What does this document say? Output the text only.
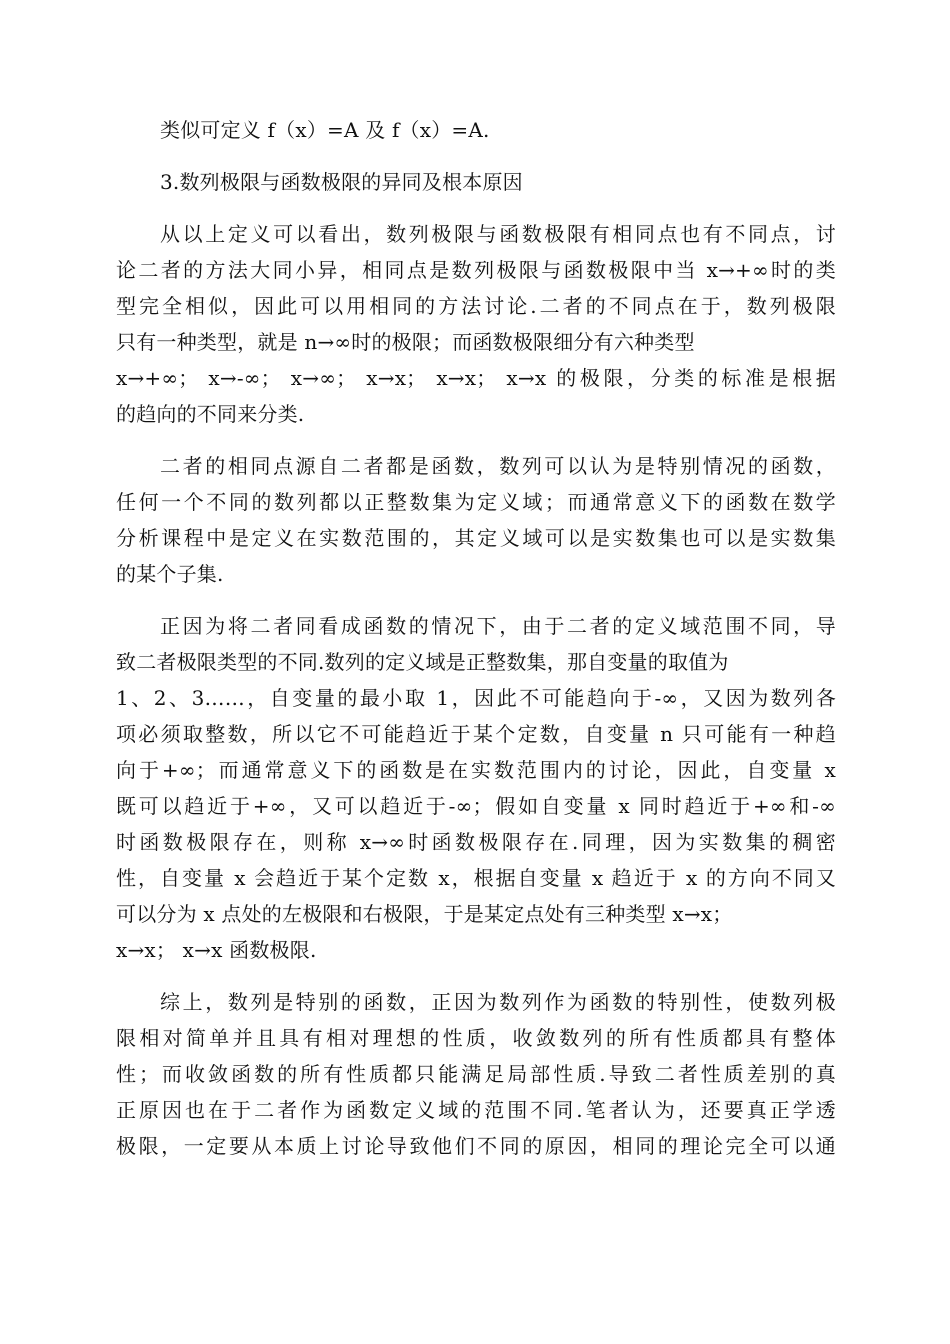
类似可定义 f（x）=A 及 f（x）=A.
3.数列极限与函数极限的异同及根本原因
从以上定义可以看出，数列极限与函数极限有相同点也有不同点，讨
论二者的方法大同小异，相同点是数列极限与函数极限中当 x→+∞时的类
型完全相似，因此可以用相同的方法讨论.二者的不同点在于，数列极限
只有一种类型，就是 n→∞时的极限；而函数极限细分有六种类型
x→+∞； x→-∞； x→∞； x→x； x→x； x→x 的极限，分类的标准是根据
的趋向的不同来分类.
二者的相同点源自二者都是函数，数列可以认为是特别情况的函数，
任何一个不同的数列都以正整数集为定义域；而通常意义下的函数在数学
分析课程中是定义在实数范围的，其定义域可以是实数集也可以是实数集
的某个子集.
正因为将二者同看成函数的情况下，由于二者的定义域范围不同，导
致二者极限类型的不同.数列的定义域是正整数集，那自变量的取值为
1、2、3……，自变量的最小取 1，因此不可能趋向于-∞，又因为数列各
项必须取整数，所以它不可能趋近于某个定数，自变量 n 只可能有一种趋
向于+∞；而通常意义下的函数是在实数范围内的讨论，因此，自变量 x
既可以趋近于+∞，又可以趋近于-∞；假如自变量 x 同时趋近于+∞和-∞
时函数极限存在，则称 x→∞时函数极限存在.同理，因为实数集的稠密
性，自变量 x 会趋近于某个定数 x，根据自变量 x 趋近于 x 的方向不同又
可以分为 x 点处的左极限和右极限，于是某定点处有三种类型 x→x；
x→x； x→x 函数极限.
综上，数列是特别的函数，正因为数列作为函数的特别性，使数列极
限相对简单并且具有相对理想的性质，收敛数列的所有性质都具有整体
性；而收敛函数的所有性质都只能满足局部性质.导致二者性质差别的真
正原因也在于二者作为函数定义域的范围不同.笔者认为，还要真正学透
极限，一定要从本质上讨论导致他们不同的原因，相同的理论完全可以通
